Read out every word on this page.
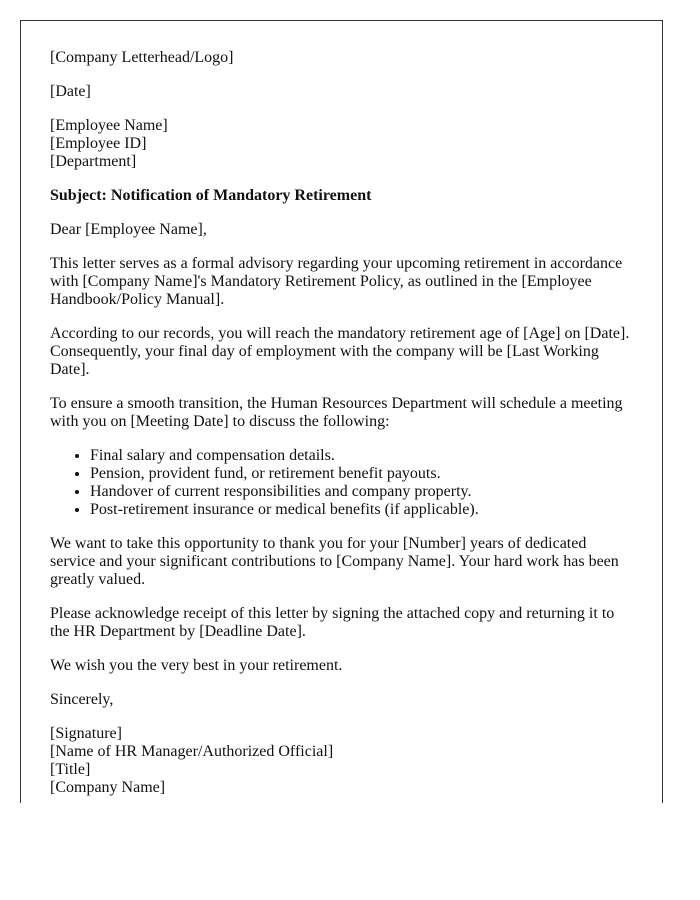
[Company Letterhead/Logo]

[Date]

[Employee Name]
[Employee ID]
[Department]

Subject: Notification of Mandatory Retirement

Dear [Employee Name],

This letter serves as a formal advisory regarding your upcoming retirement in accordance with [Company Name]'s Mandatory Retirement Policy, as outlined in the [Employee Handbook/Policy Manual].

According to our records, you will reach the mandatory retirement age of [Age] on [Date]. Consequently, your final day of employment with the company will be [Last Working Date].

To ensure a smooth transition, the Human Resources Department will schedule a meeting with you on [Meeting Date] to discuss the following:

• Final salary and compensation details.
• Pension, provident fund, or retirement benefit payouts.
• Handover of current responsibilities and company property.
• Post-retirement insurance or medical benefits (if applicable).

We want to take this opportunity to thank you for your [Number] years of dedicated service and your significant contributions to [Company Name]. Your hard work has been greatly valued.

Please acknowledge receipt of this letter by signing the attached copy and returning it to the HR Department by [Deadline Date].

We wish you the very best in your retirement.

Sincerely,

[Signature]
[Name of HR Manager/Authorized Official]
[Title]
[Company Name]
